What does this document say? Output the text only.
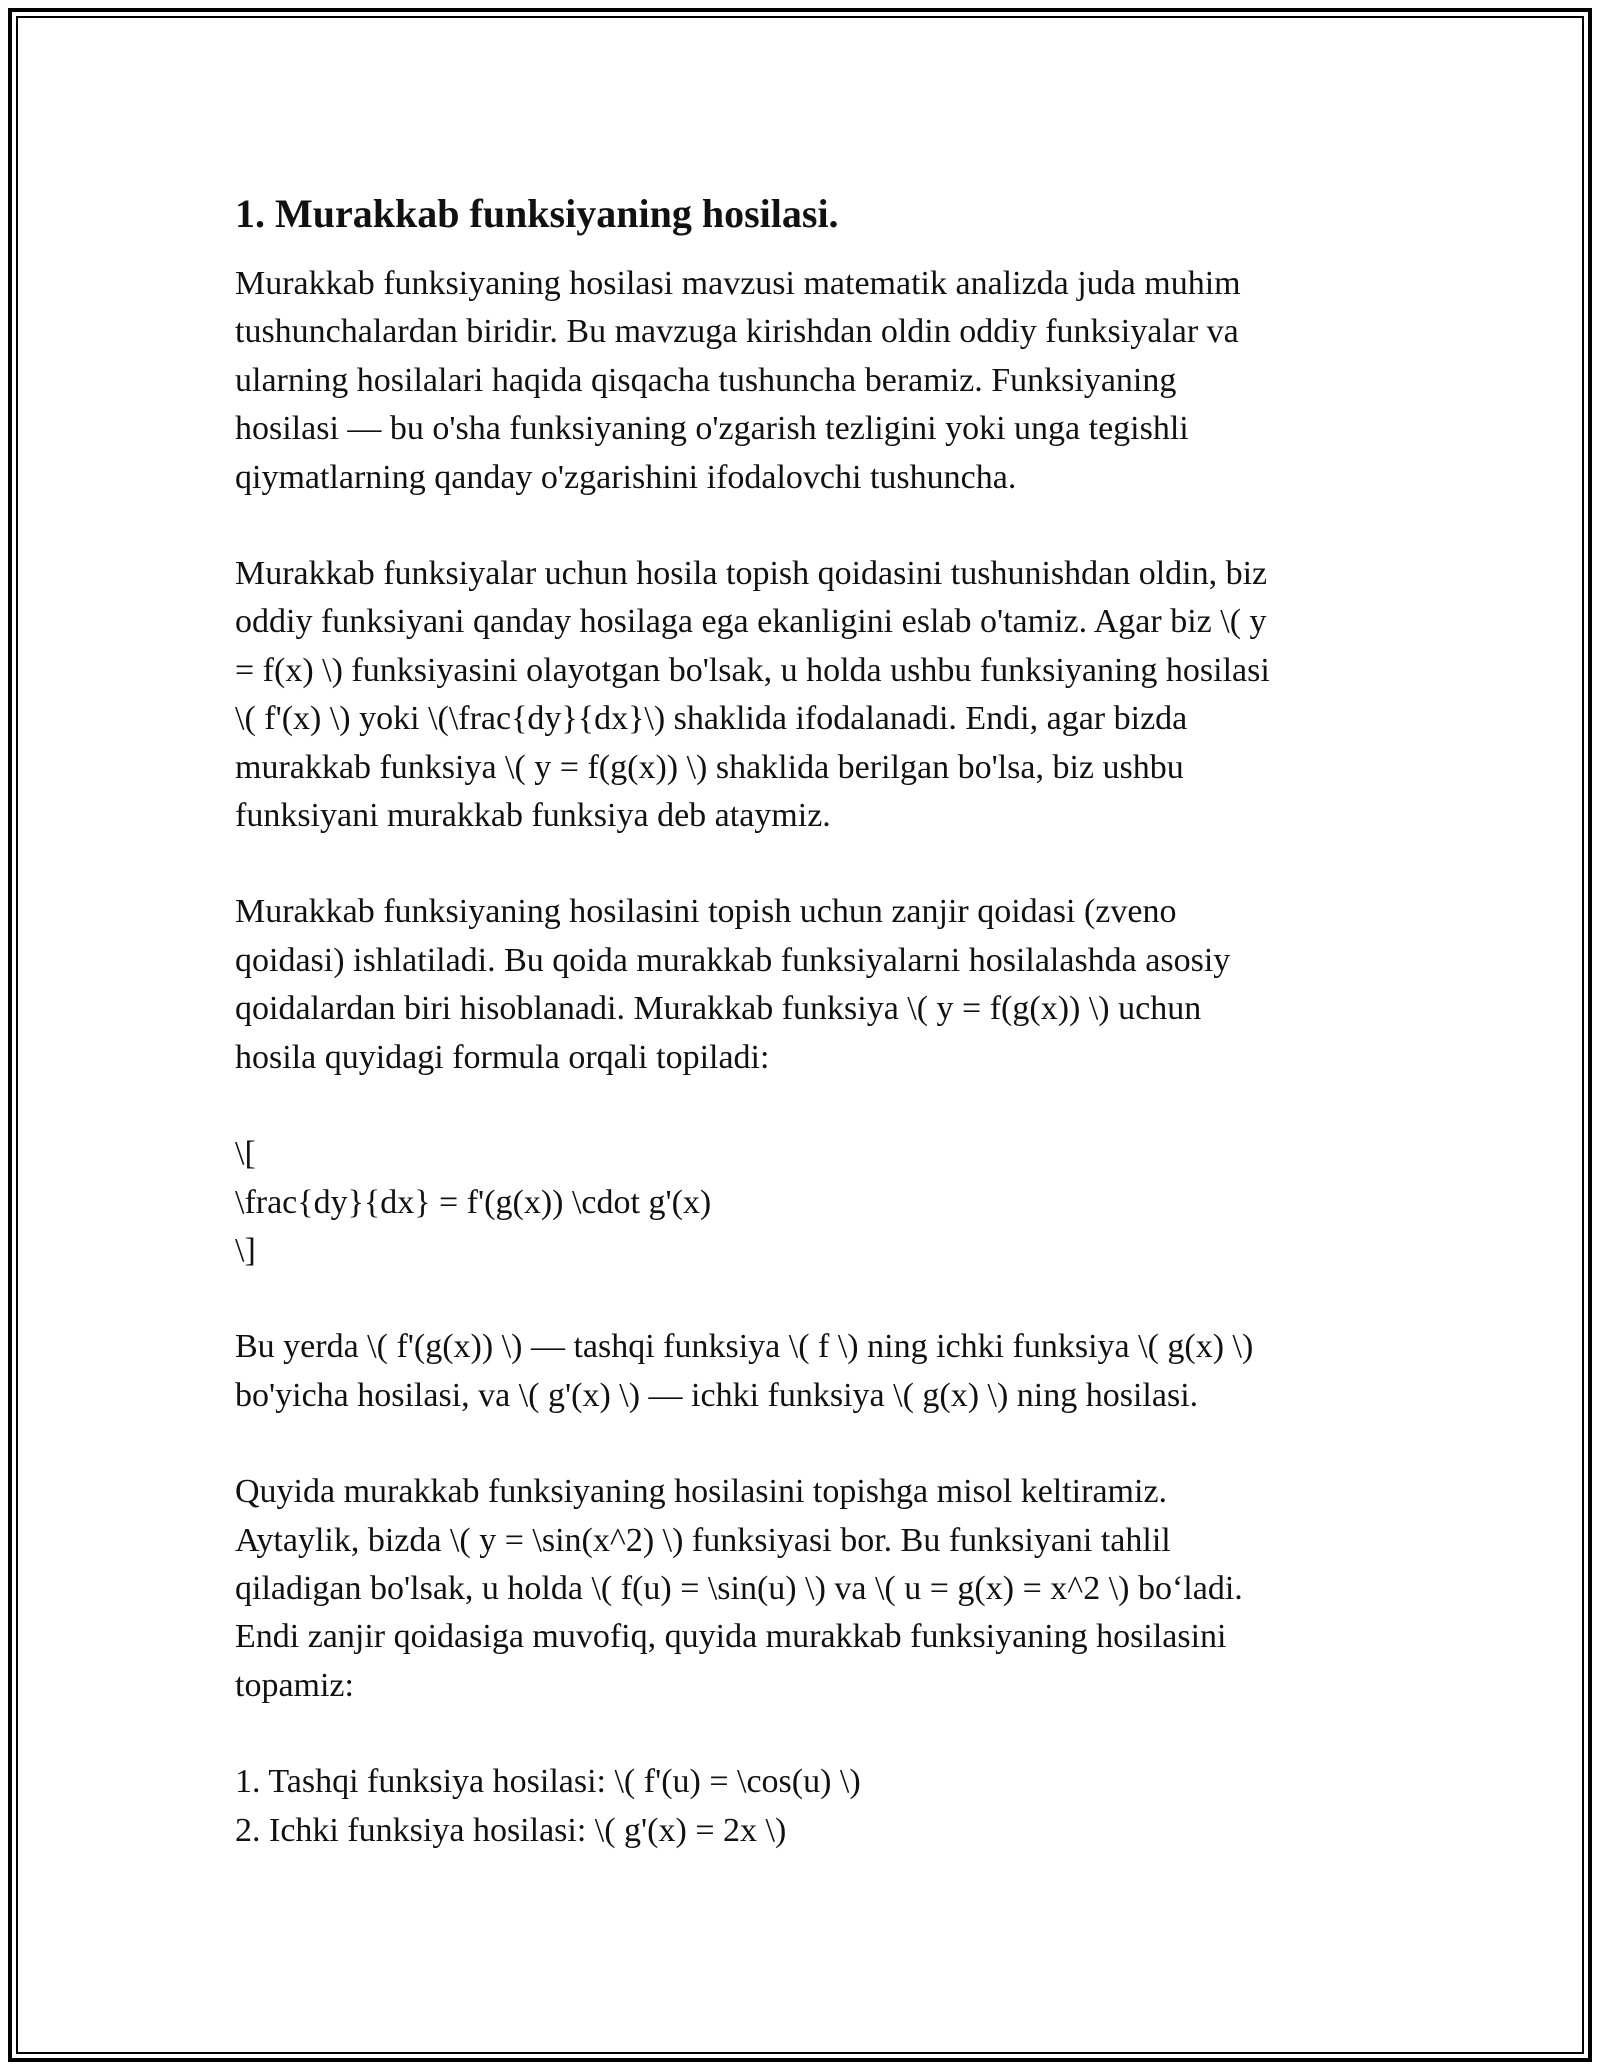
1. Murakkab funksiyaning hosilasi.

Murakkab funksiyaning hosilasi mavzusi matematik analizda juda muhim
tushunchalardan biridir. Bu mavzuga kirishdan oldin oddiy funksiyalar va
ularning hosilalari haqida qisqacha tushuncha beramiz. Funksiyaning
hosilasi — bu o'sha funksiyaning o'zgarish tezligini yoki unga tegishli
qiymatlarning qanday o'zgarishini ifodalovchi tushuncha.

Murakkab funksiyalar uchun hosila topish qoidasini tushunishdan oldin, biz
oddiy funksiyani qanday hosilaga ega ekanligini eslab o'tamiz. Agar biz \( y
= f(x) \) funksiyasini olayotgan bo'lsak, u holda ushbu funksiyaning hosilasi
\( f'(x) \) yoki \(\frac{dy}{dx}\) shaklida ifodalanadi. Endi, agar bizda
murakkab funksiya \( y = f(g(x)) \) shaklida berilgan bo'lsa, biz ushbu
funksiyani murakkab funksiya deb ataymiz.

Murakkab funksiyaning hosilasini topish uchun zanjir qoidasi (zveno
qoidasi) ishlatiladi. Bu qoida murakkab funksiyalarni hosilalashda asosiy
qoidalardan biri hisoblanadi. Murakkab funksiya \( y = f(g(x)) \) uchun
hosila quyidagi formula orqali topiladi:

\[
\frac{dy}{dx} = f'(g(x)) \cdot g'(x)
\]

Bu yerda \( f'(g(x)) \) — tashqi funksiya \( f \) ning ichki funksiya \( g(x) \)
bo'yicha hosilasi, va \( g'(x) \) — ichki funksiya \( g(x) \) ning hosilasi.

Quyida murakkab funksiyaning hosilasini topishga misol keltiramiz.
Aytaylik, bizda \( y = \sin(x^2) \) funksiyasi bor. Bu funksiyani tahlil
qiladigan bo'lsak, u holda \( f(u) = \sin(u) \) va \( u = g(x) = x^2 \) bo‘ladi.
Endi zanjir qoidasiga muvofiq, quyida murakkab funksiyaning hosilasini
topamiz:

1. Tashqi funksiya hosilasi: \( f'(u) = \cos(u) \)
2. Ichki funksiya hosilasi: \( g'(x) = 2x \)
